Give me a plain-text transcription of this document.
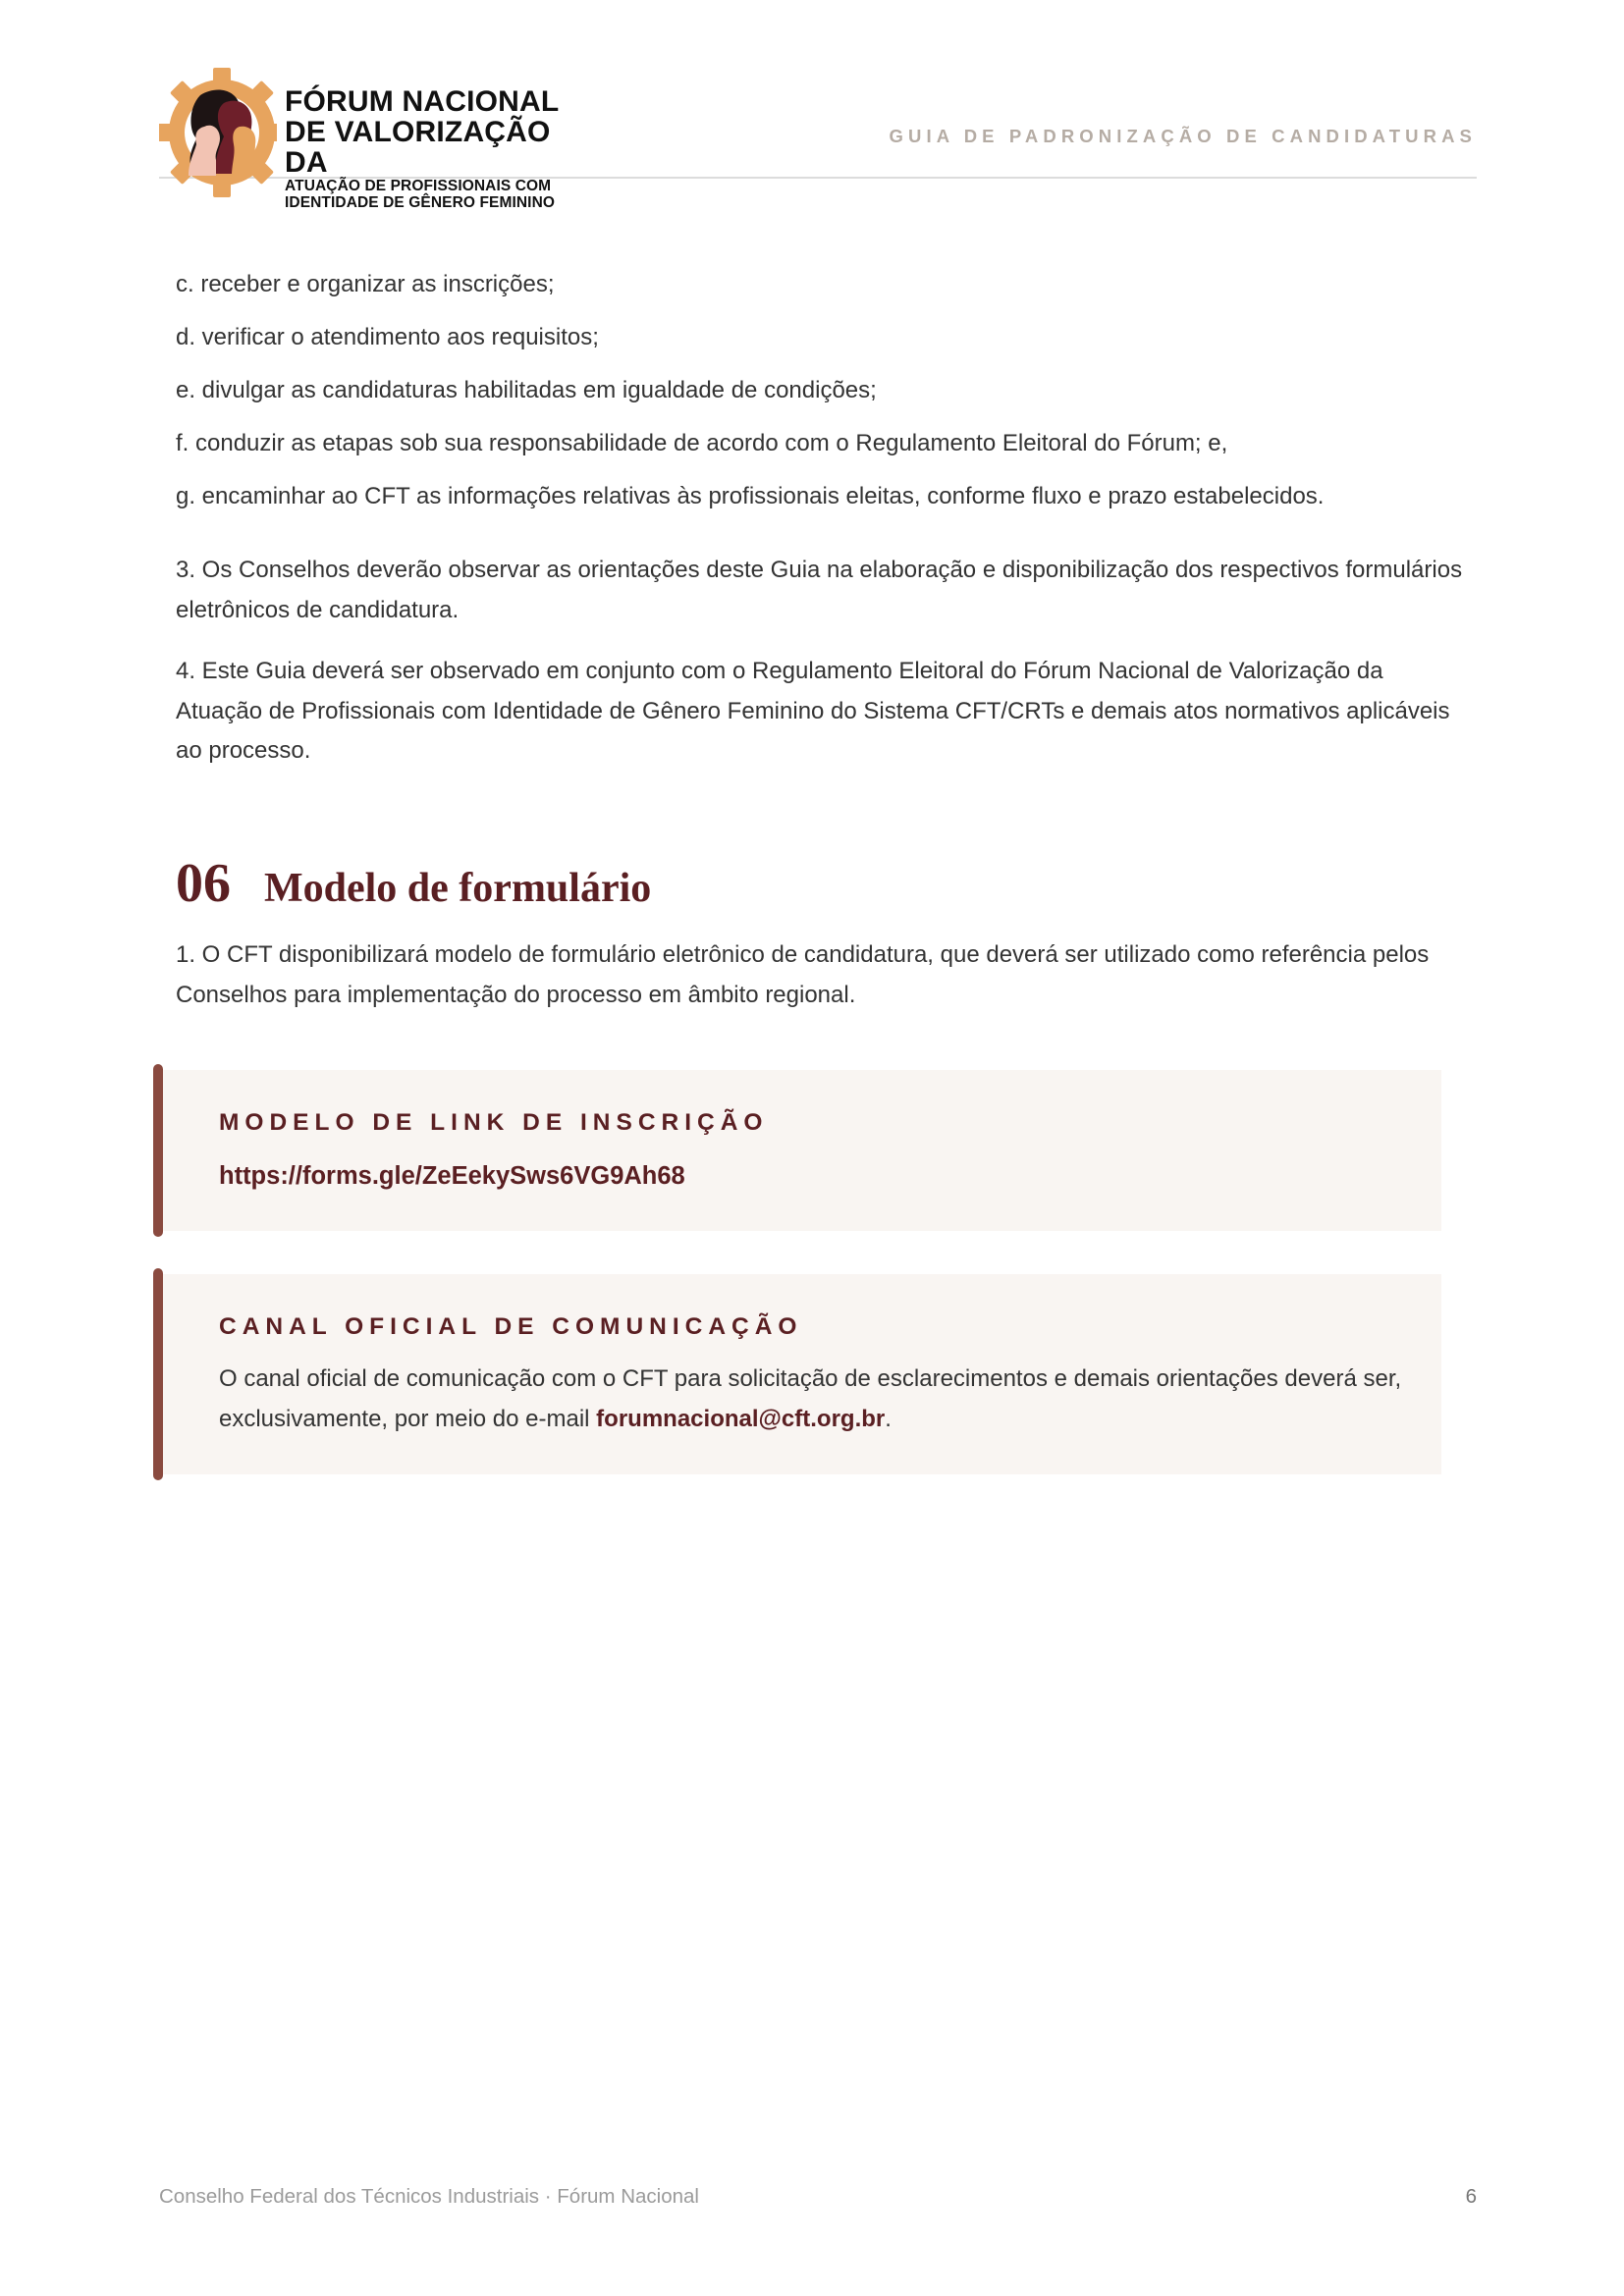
FÓRUM NACIONAL
DE VALORIZAÇÃO DA
ATUAÇÃO DE PROFISSIONAIS COM
IDENTIDADE DE GÊNERO FEMININO
GUIA DE PADRONIZAÇÃO DE CANDIDATURAS
c. receber e organizar as inscrições;
d. verificar o atendimento aos requisitos;
e. divulgar as candidaturas habilitadas em igualdade de condições;
f. conduzir as etapas sob sua responsabilidade de acordo com o Regulamento Eleitoral do Fórum; e,
g. encaminhar ao CFT as informações relativas às profissionais eleitas, conforme fluxo e prazo estabelecidos.

3. Os Conselhos deverão observar as orientações deste Guia na elaboração e disponibilização dos respectivos formulários eletrônicos de candidatura.

4. Este Guia deverá ser observado em conjunto com o Regulamento Eleitoral do Fórum Nacional de Valorização da Atuação de Profissionais com Identidade de Gênero Feminino do Sistema CFT/CRTs e demais atos normativos aplicáveis ao processo.

06 Modelo de formulário

1. O CFT disponibilizará modelo de formulário eletrônico de candidatura, que deverá ser utilizado como referência pelos Conselhos para implementação do processo em âmbito regional.

MODELO DE LINK DE INSCRIÇÃO
https://forms.gle/ZeEekySws6VG9Ah68
CANAL OFICIAL DE COMUNICAÇÃO
O canal oficial de comunicação com o CFT para solicitação de esclarecimentos e demais orientações deverá ser, exclusivamente, por meio do e-mail forumnacional@cft.org.br.
Conselho Federal dos Técnicos Industriais · Fórum Nacional	6
